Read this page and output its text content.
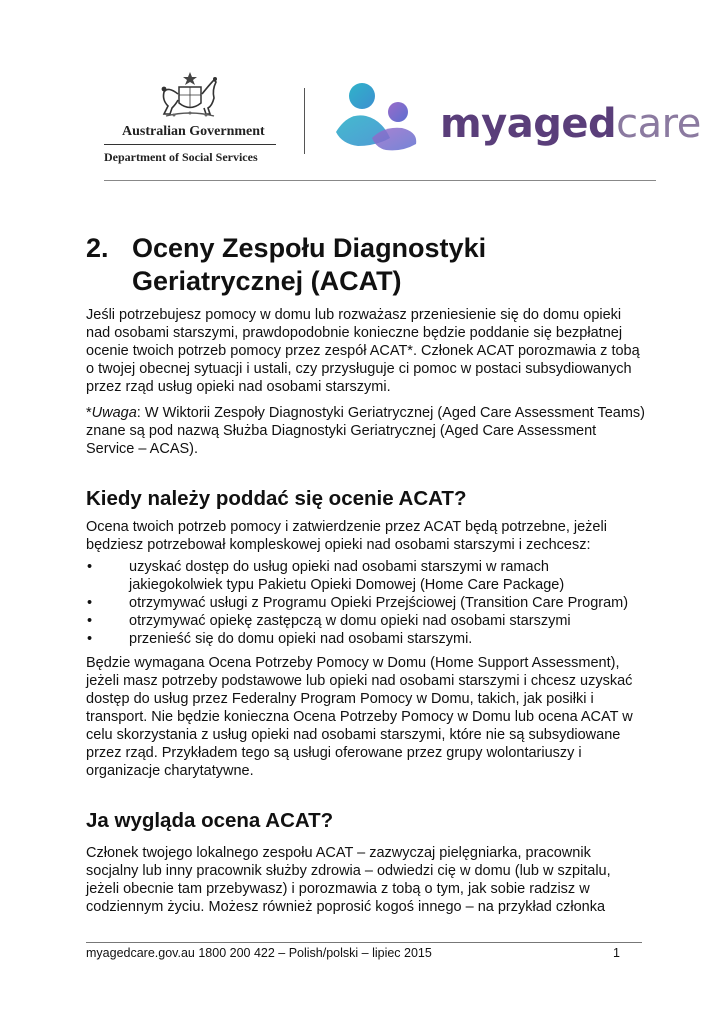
Australian Government
Department of Social Services
myagedcare
2. Oceny Zespołu Diagnostyki Geriatrycznej (ACAT)

Jeśli potrzebujesz pomocy w domu lub rozważasz przeniesienie się do domu opieki nad osobami starszymi, prawdopodobnie konieczne będzie poddanie się bezpłatnej ocenie twoich potrzeb pomocy przez zespół ACAT*. Członek ACAT porozmawia z tobą o twojej obecnej sytuacji i ustali, czy przysługuje ci pomoc w postaci subsydiowanych przez rząd usług opieki nad osobami starszymi.

*Uwaga: W Wiktorii Zespoły Diagnostyki Geriatrycznej (Aged Care Assessment Teams) znane są pod nazwą Służba Diagnostyki Geriatrycznej (Aged Care Assessment Service – ACAS).

Kiedy należy poddać się ocenie ACAT?

Ocena twoich potrzeb pomocy i zatwierdzenie przez ACAT będą potrzebne, jeżeli będziesz potrzebował kompleskowej opieki nad osobami starszymi i zechcesz:

•	uzyskać dostęp do usług opieki nad osobami starszymi w ramach jakiegokolwiek typu Pakietu Opieki Domowej (Home Care Package)
•	otrzymywać usługi z Programu Opieki Przejściowej (Transition Care Program)
•	otrzymywać opiekę zastępczą w domu opieki nad osobami starszymi
•	przenieść się do domu opieki nad osobami starszymi.

Będzie wymagana Ocena Potrzeby Pomocy w Domu (Home Support Assessment), jeżeli masz potrzeby podstawowe lub opieki nad osobami starszymi i chcesz uzyskać dostęp do usług przez Federalny Program Pomocy w Domu, takich, jak posiłki i transport. Nie będzie konieczna Ocena Potrzeby Pomocy w Domu lub ocena ACAT w celu skorzystania z usług opieki nad osobami starszymi, które nie są subsydiowane przez rząd. Przykładem tego są usługi oferowane przez grupy wolontariuszy i organizacje charytatywne.

Ja wygląda ocena ACAT?

Członek twojego lokalnego zespołu ACAT – zazwyczaj pielęgniarka, pracownik socjalny lub inny pracownik służby zdrowia – odwiedzi cię w domu (lub w szpitalu, jeżeli obecnie tam przebywasz) i porozmawia z tobą o tym, jak sobie radzisz w codziennym życiu. Możesz również poprosić kogoś innego – na przykład członka

myagedcare.gov.au 1800 200 422 – Polish/polski – lipiec 2015	1
